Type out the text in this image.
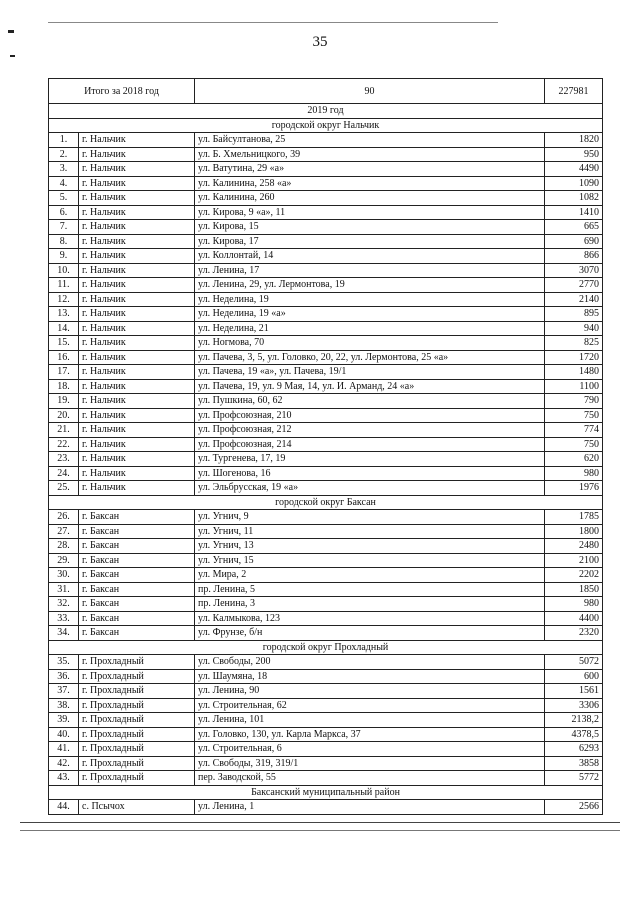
35
Итого за 2018 год		90	227981
2019 год			
городской округ Нальчик			
1.	г. Нальчик	ул. Байсултанова, 25	1820
2.	г. Нальчик	ул. Б. Хмельницкого, 39	950
3.	г. Нальчик	ул. Ватутина, 29 «а»	4490
4.	г. Нальчик	ул. Калинина, 258 «а»	1090
5.	г. Нальчик	ул. Калинина, 260	1082
6.	г. Нальчик	ул. Кирова, 9 «а», 11	1410
7.	г. Нальчик	ул. Кирова, 15	665
8.	г. Нальчик	ул. Кирова, 17	690
9.	г. Нальчик	ул. Коллонтай, 14	866
10.	г. Нальчик	ул. Ленина, 17	3070
11.	г. Нальчик	ул. Ленина, 29, ул. Лермонтова, 19	2770
12.	г. Нальчик	ул. Неделина, 19	2140
13.	г. Нальчик	ул. Неделина, 19 «а»	895
14.	г. Нальчик	ул. Неделина, 21	940
15.	г. Нальчик	ул. Ногмова, 70	825
16.	г. Нальчик	ул. Пачева, 3, 5, ул. Головко, 20, 22, ул. Лермонтова, 25 «а»	1720
17.	г. Нальчик	ул. Пачева, 19 «а», ул. Пачева, 19/1	1480
18.	г. Нальчик	ул. Пачева, 19, ул. 9 Мая, 14, ул. И. Арманд, 24 «а»	1100
19.	г. Нальчик	ул. Пушкина, 60, 62	790
20.	г. Нальчик	ул. Профсоюзная, 210	750
21.	г. Нальчик	ул. Профсоюзная, 212	774
22.	г. Нальчик	ул. Профсоюзная, 214	750
23.	г. Нальчик	ул. Тургенева, 17, 19	620
24.	г. Нальчик	ул. Шогенова, 16	980
25.	г. Нальчик	ул. Эльбрусская, 19 «а»	1976
городской округ Баксан			
26.	г. Баксан	ул. Угнич, 9	1785
27.	г. Баксан	ул. Угнич, 11	1800
28.	г. Баксан	ул. Угнич, 13	2480
29.	г. Баксан	ул. Угнич, 15	2100
30.	г. Баксан	ул. Мира, 2	2202
31.	г. Баксан	пр. Ленина, 5	1850
32.	г. Баксан	пр. Ленина, 3	980
33.	г. Баксан	ул. Калмыкова, 123	4400
34.	г. Баксан	ул. Фрунзе, б/н	2320
городской округ Прохладный			
35.	г. Прохладный	ул. Свободы, 200	5072
36.	г. Прохладный	ул. Шаумяна, 18	600
37.	г. Прохладный	ул. Ленина, 90	1561
38.	г. Прохладный	ул. Строительная, 62	3306
39.	г. Прохладный	ул. Ленина, 101	2138,2
40.	г. Прохладный	ул. Головко, 130, ул. Карла Маркса, 37	4378,5
41.	г. Прохладный	ул. Строительная, 6	6293
42.	г. Прохладный	ул. Свободы, 319, 319/1	3858
43.	г. Прохладный	пер. Заводской, 55	5772
Баксанский муниципальный район			
44.	с. Псычох	ул. Ленина, 1	2566
